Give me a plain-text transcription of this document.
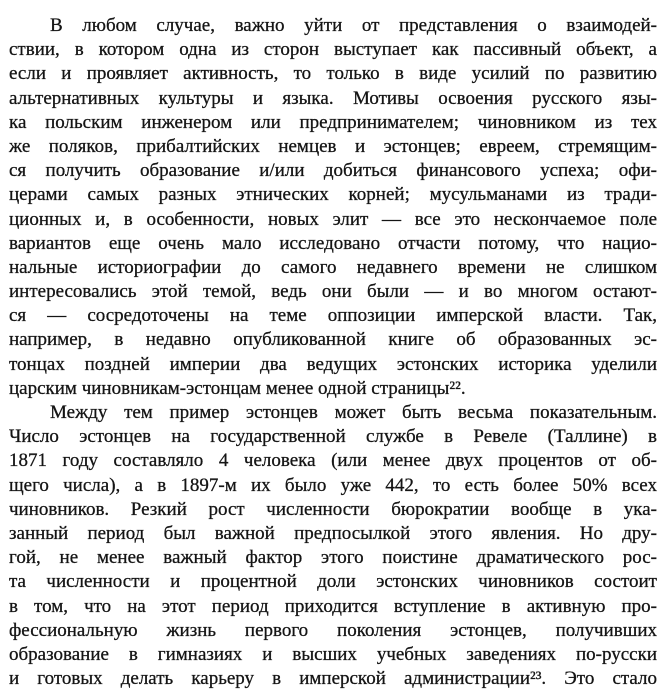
В любом случае, важно уйти от представления о взаимодей-
ствии, в котором одна из сторон выступает как пассивный объект, а
если и проявляет активность, то только в виде усилий по развитию
альтернативных культуры и языка. Мотивы освоения русского язы-
ка польским инженером или предпринимателем; чиновником из тех
же поляков, прибалтийских немцев и эстонцев; евреем, стремящим-
ся получить образование и/или добиться финансового успеха; офи-
церами самых разных этнических корней; мусульманами из тради-
ционных и, в особенности, новых элит — все это нескончаемое поле
вариантов еще очень мало исследовано отчасти потому, что нацио-
нальные историографии до самого недавнего времени не слишком
интересовались этой темой, ведь они были — и во многом остают-
ся — сосредоточены на теме оппозиции имперской власти. Так,
например, в недавно опубликованной книге об образованных эс-
тонцах поздней империи два ведущих эстонских историка уделили
царским чиновникам-эстонцам менее одной страницы²².
Между тем пример эстонцев может быть весьма показательным.
Число эстонцев на государственной службе в Ревеле (Таллине) в
1871 году составляло 4 человека (или менее двух процентов от об-
щего числа), а в 1897-м их было уже 442, то есть более 50% всех
чиновников. Резкий рост численности бюрократии вообще в ука-
занный период был важной предпосылкой этого явления. Но дру-
гой, не менее важный фактор этого поистине драматического рос-
та численности и процентной доли эстонских чиновников состоит
в том, что на этот период приходится вступление в активную про-
фессиональную жизнь первого поколения эстонцев, получивших
образование в гимназиях и высших учебных заведениях по-русски
и готовых делать карьеру в имперской администрации²³. Это стало
